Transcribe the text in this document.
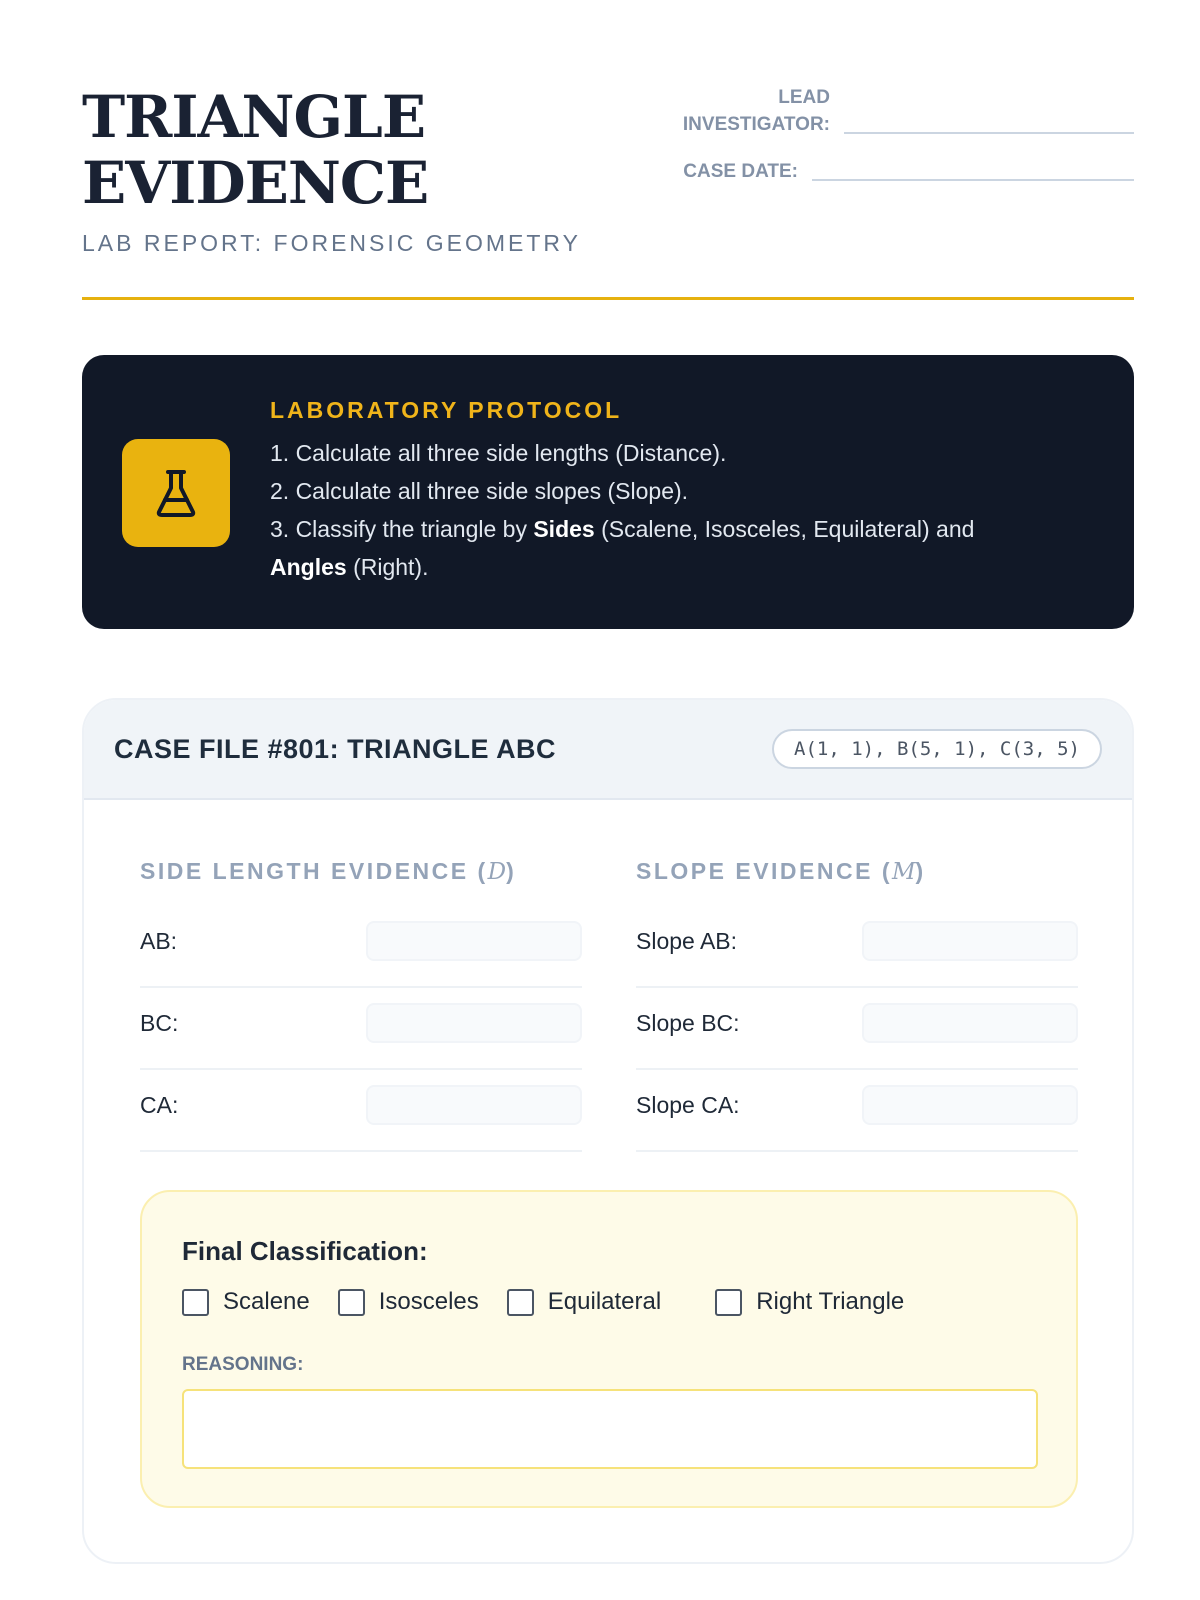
TRIANGLE
EVIDENCE
LAB REPORT: FORENSIC GEOMETRY
LEAD
INVESTIGATOR:
CASE DATE:
LABORATORY PROTOCOL
1. Calculate all three side lengths (Distance).
2. Calculate all three side slopes (Slope).
3. Classify the triangle by Sides (Scalene, Isosceles, Equilateral) and
Angles (Right).
CASE FILE #801: TRIANGLE ABC	A(1, 1), B(5, 1), C(3, 5)
SIDE LENGTH EVIDENCE (D)
AB:
BC:
CA:
SLOPE EVIDENCE (M)
Slope AB:
Slope BC:
Slope CA:
Final Classification:
Scalene	Isosceles	Equilateral	Right Triangle
REASONING:
